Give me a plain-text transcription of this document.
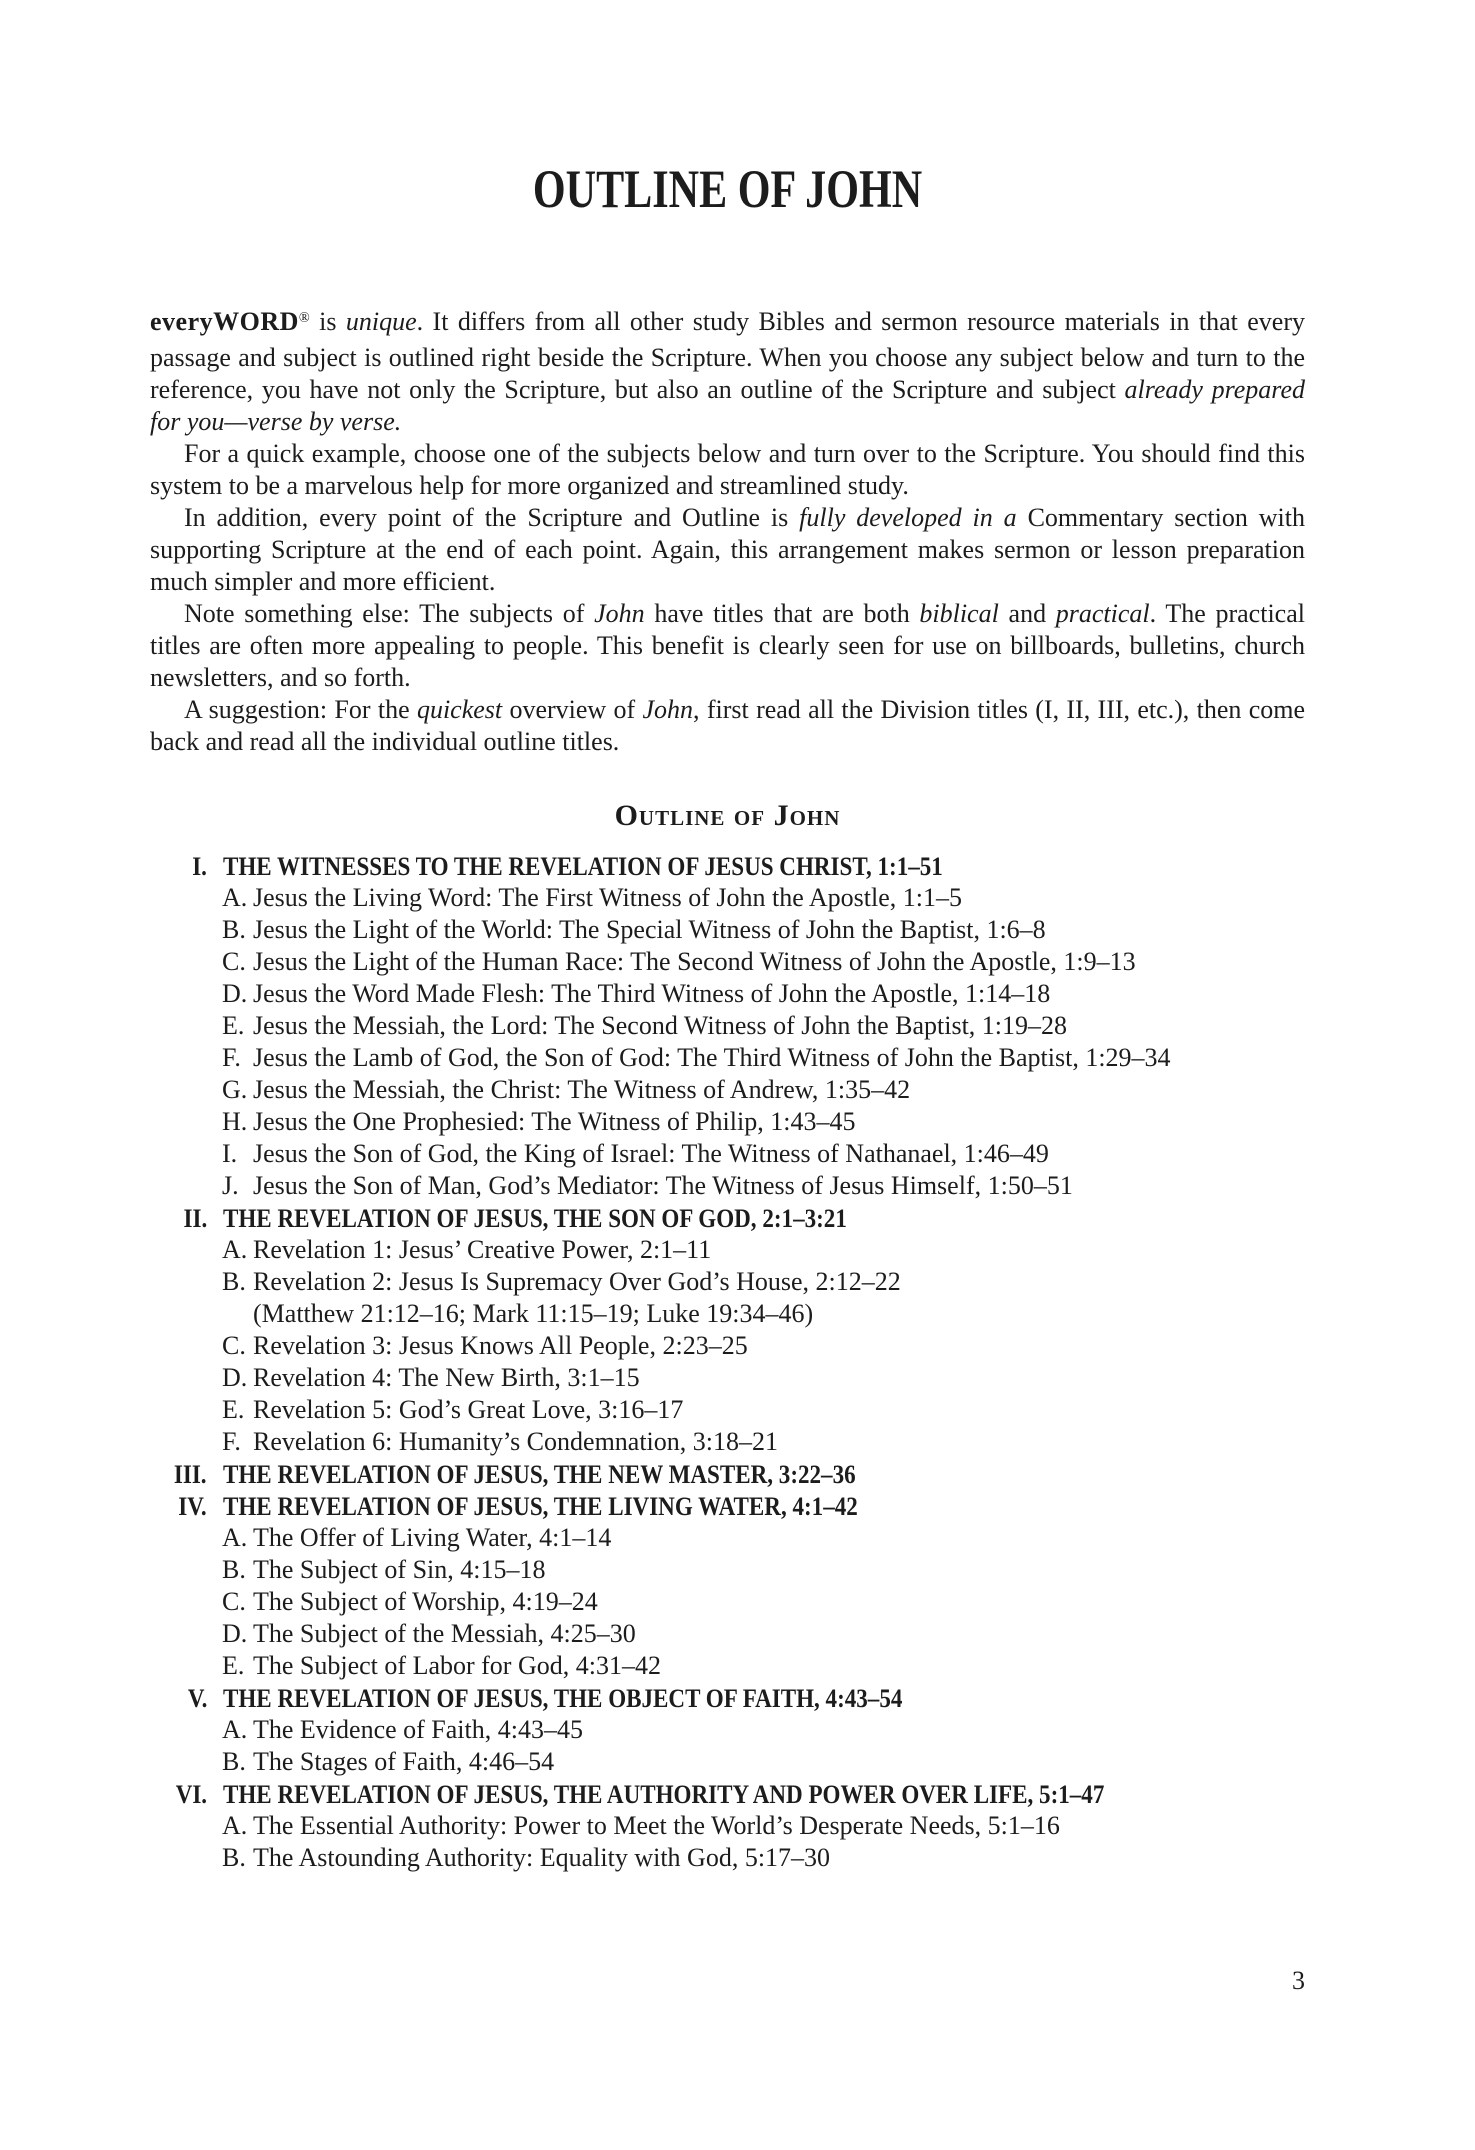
OUTLINE OF JOHN

everyWORD® is unique. It differs from all other study Bibles and sermon resource materials in that every passage and subject is outlined right beside the Scripture. When you choose any subject below and turn to the reference, you have not only the Scripture, but also an outline of the Scripture and subject already prepared for you—verse by verse.

For a quick example, choose one of the subjects below and turn over to the Scripture. You should find this system to be a marvelous help for more organized and streamlined study.

In addition, every point of the Scripture and Outline is fully developed in a Commentary section with supporting Scripture at the end of each point. Again, this arrangement makes sermon or lesson preparation much simpler and more efficient.

Note something else: The subjects of John have titles that are both biblical and practical. The practical titles are often more appealing to people. This benefit is clearly seen for use on billboards, bulletins, church newsletters, and so forth.

A suggestion: For the quickest overview of John, first read all the Division titles (I, II, III, etc.), then come back and read all the individual outline titles.

Outline of John
I. THE WITNESSES TO THE REVELATION OF JESUS CHRIST, 1:1–51
A. Jesus the Living Word: The First Witness of John the Apostle, 1:1–5
B. Jesus the Light of the World: The Special Witness of John the Baptist, 1:6–8
C. Jesus the Light of the Human Race: The Second Witness of John the Apostle, 1:9–13
D. Jesus the Word Made Flesh: The Third Witness of John the Apostle, 1:14–18
E. Jesus the Messiah, the Lord: The Second Witness of John the Baptist, 1:19–28
F. Jesus the Lamb of God, the Son of God: The Third Witness of John the Baptist, 1:29–34
G. Jesus the Messiah, the Christ: The Witness of Andrew, 1:35–42
H. Jesus the One Prophesied: The Witness of Philip, 1:43–45
I. Jesus the Son of God, the King of Israel: The Witness of Nathanael, 1:46–49
J. Jesus the Son of Man, God’s Mediator: The Witness of Jesus Himself, 1:50–51
II. THE REVELATION OF JESUS, THE SON OF GOD, 2:1–3:21
A. Revelation 1: Jesus’ Creative Power, 2:1–11
B. Revelation 2: Jesus Is Supremacy Over God’s House, 2:12–22
(Matthew 21:12–16; Mark 11:15–19; Luke 19:34–46)
C. Revelation 3: Jesus Knows All People, 2:23–25
D. Revelation 4: The New Birth, 3:1–15
E. Revelation 5: God’s Great Love, 3:16–17
F. Revelation 6: Humanity’s Condemnation, 3:18–21
III. THE REVELATION OF JESUS, THE NEW MASTER, 3:22–36
IV. THE REVELATION OF JESUS, THE LIVING WATER, 4:1–42
A. The Offer of Living Water, 4:1–14
B. The Subject of Sin, 4:15–18
C. The Subject of Worship, 4:19–24
D. The Subject of the Messiah, 4:25–30
E. The Subject of Labor for God, 4:31–42
V. THE REVELATION OF JESUS, THE OBJECT OF FAITH, 4:43–54
A. The Evidence of Faith, 4:43–45
B. The Stages of Faith, 4:46–54
VI. THE REVELATION OF JESUS, THE AUTHORITY AND POWER OVER LIFE, 5:1–47
A. The Essential Authority: Power to Meet the World’s Desperate Needs, 5:1–16
B. The Astounding Authority: Equality with God, 5:17–30
3
